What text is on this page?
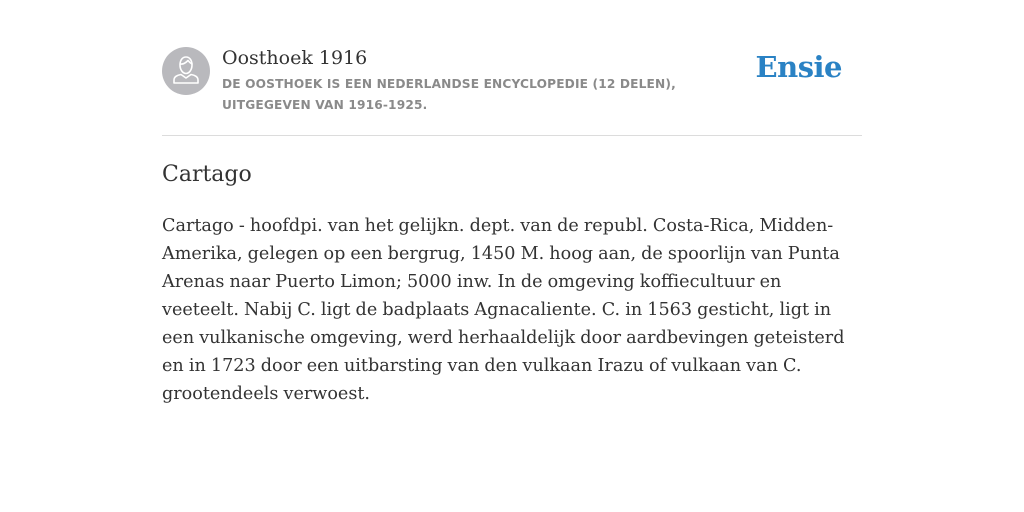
Oosthoek 1916
DE OOSTHOEK IS EEN NEDERLANDSE ENCYCLOPEDIE (12 DELEN), UITGEGEVEN VAN 1916-1925.
Ensie
Cartago

Cartago - hoofdpi. van het gelijkn. dept. van de republ. Costa-Rica, Midden-Amerika, gelegen op een bergrug, 1450 M. hoog aan, de spoorlijn van Punta Arenas naar Puerto Limon; 5000 inw. In de omgeving koffiecultuur en veeteelt. Nabij C. ligt de badplaats Agnacaliente. C. in 1563 gesticht, ligt in een vulkanische omgeving, werd herhaaldelijk door aardbevingen geteisterd en in 1723 door een uitbarsting van den vulkaan Irazu of vulkaan van C. grootendeels verwoest.
